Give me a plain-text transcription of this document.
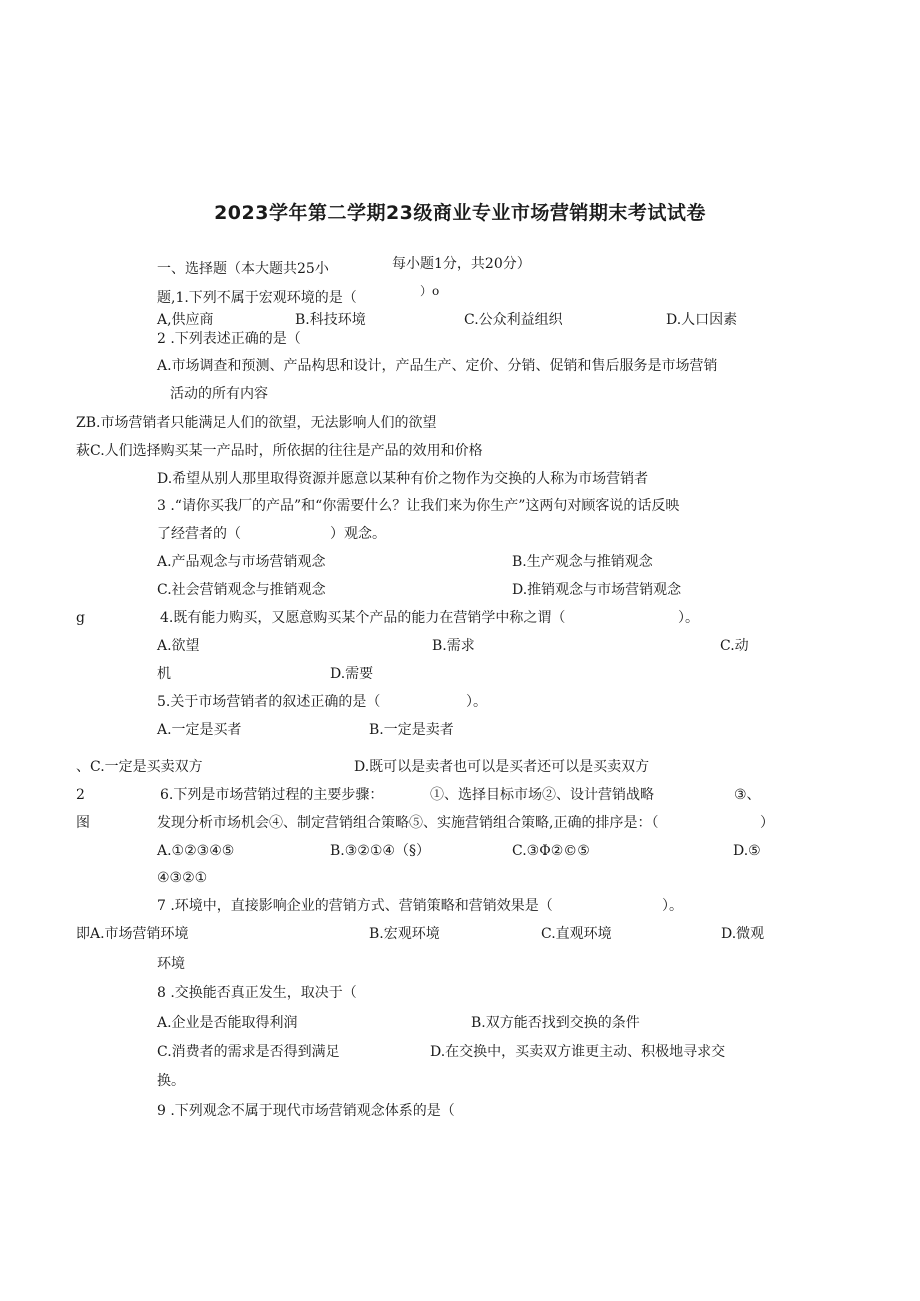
2023学年第二学期23级商业专业市场营销期末考试试卷
一、选择题（本大题共25小	每小题1分，共20分）
题,1.下列不属于宏观环境的是（	）o
A,供应商	B.科技环境	C.公众利益组织	D.人口因素
2 .下列表述正确的是（
A.市场调查和预测、产品构思和设计，产品生产、定价、分销、促销和售后服务是市场营销
活动的所有内容
ZB.市场营销者只能满足人们的欲望，无法影响人们的欲望
萩C.人们选择购买某一产品时，所依据的往往是产品的效用和价格
D.希望从别人那里取得资源并愿意以某种有价之物作为交换的人称为市场营销者
3 .“请你买我厂的产品”和“你需要什么？让我们来为你生产”这两句对顾客说的话反映
了经营者的（	）观念。
A.产品观念与市场营销观念	B.生产观念与推销观念
C.社会营销观念与推销观念	D.推销观念与市场营销观念
g	4.既有能力购买，又愿意购买某个产品的能力在营销学中称之谓（	）。
A.欲望	B.需求	C.动
机	D.需要
5.关于市场营销者的叙述正确的是（	）。
A.一定是买者	B.一定是卖者
、C.一定是买卖双方	D.既可以是卖者也可以是买者还可以是买卖双方
2	6.下列是市场营销过程的主要步骤：	①、选择目标市场②、设计营销战略	③、
图	发现分析市场机会④、制定营销组合策略⑤、实施营销组合策略,正确的排序是：（	）
A.①②③④⑤	B.③②①④（§）	C.③Φ②©⑤	D.⑤
④③②①
7 .环境中，直接影响企业的营销方式、营销策略和营销效果是（	）。
即A.市场营销环境	B.宏观环境	C.直观环境	D.微观
环境
8 .交换能否真正发生，取决于（
A.企业是否能取得利润	B.双方能否找到交换的条件
C.消费者的需求是否得到满足	D.在交换中，买卖双方谁更主动、积极地寻求交
换。
9 .下列观念不属于现代市场营销观念体系的是（
